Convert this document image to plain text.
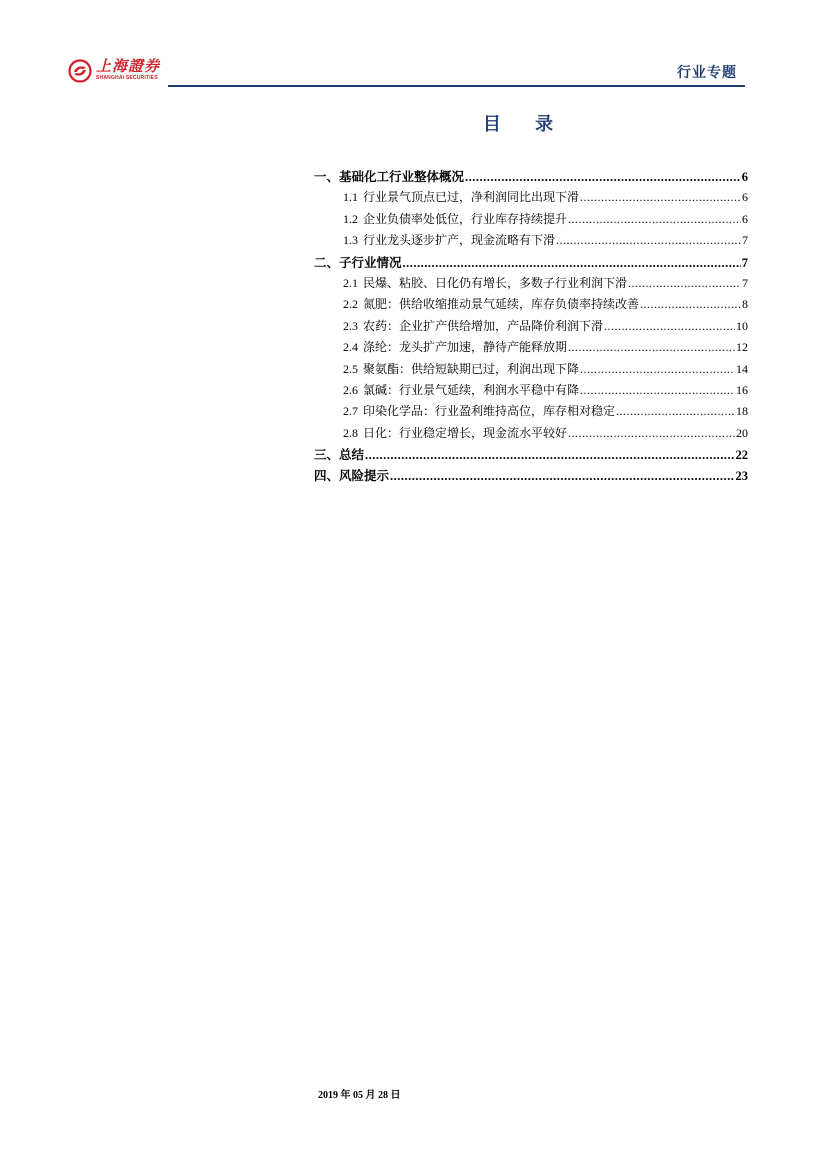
上海證券
SHANGHAI SECURITIES	行业专题
目 录
一、 基础化工行业整体概况 .....	6
1.1 行业景气顶点已过，净利润同比出现下滑 .....	6
1.2 企业负债率处低位，行业库存持续提升 .....	6
1.3 行业龙头逐步扩产，现金流略有下滑 .....	7
二、 子行业情况 .....	7
2.1 民爆、粘胶、日化仍有增长，多数子行业利润下滑 .....	7
2.2 氮肥：供给收缩推动景气延续，库存负债率持续改善 .....	8
2.3 农药：企业扩产供给增加，产品降价利润下滑 .....	10
2.4 涤纶：龙头扩产加速，静待产能释放期 .....	12
2.5 聚氨酯：供给短缺期已过，利润出现下降 .....	14
2.6 氯碱：行业景气延续，利润水平稳中有降 .....	16
2.7 印染化学品：行业盈利维持高位，库存相对稳定 .....	18
2.8 日化：行业稳定增长，现金流水平较好 .....	20
三、 总结 .....	22
四、 风险提示 .....	23
2019 年 05 月 28 日
